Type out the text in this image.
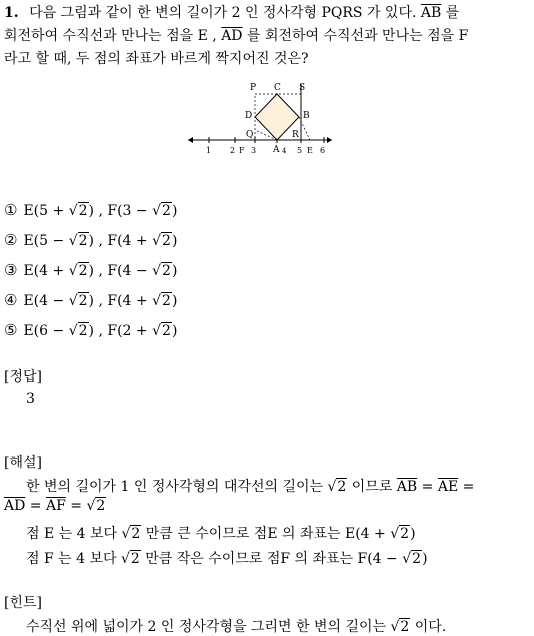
1. 다음 그림과 같이 한 변의 길이가 2 인 정사각형 PQRS 가 있다. $\overline{AB}$ 를
회전하여 수직선과 만나는 점을 E , $\overline{AD}$ 를 회전하여 수직선과 만나는 점을 F
라고 할 때, 두 점의 좌표가 바르게 짝지어진 것은?
P C S
D	B
Q	R
A
1 2 F 3	4 5 E 6
① E(5 + √2) , F(3 − √2)
② E(5 − √2) , F(4 + √2)
③ E(4 + √2) , F(4 − √2)
④ E(4 − √2) , F(4 + √2)
⑤ E(6 − √2) , F(2 + √2)
[정답]
3
[해설]
한 변의 길이가 1 인 정사각형의 대각선의 길이는 √2 이므로 $\overline{AB} = \overline{AE}$ =
$\overline{AD} = \overline{AF} = √2$
점 E 는 4 보다 √2 만큼 큰 수이므로 점E 의 좌표는 E(4 + √2)
점 F 는 4 보다 √2 만큼 작은 수이므로 점F 의 좌표는 F(4 − √2)
[힌트]
수직선 위에 넓이가 2 인 정사각형을 그리면 한 변의 길이는 √2 이다.
